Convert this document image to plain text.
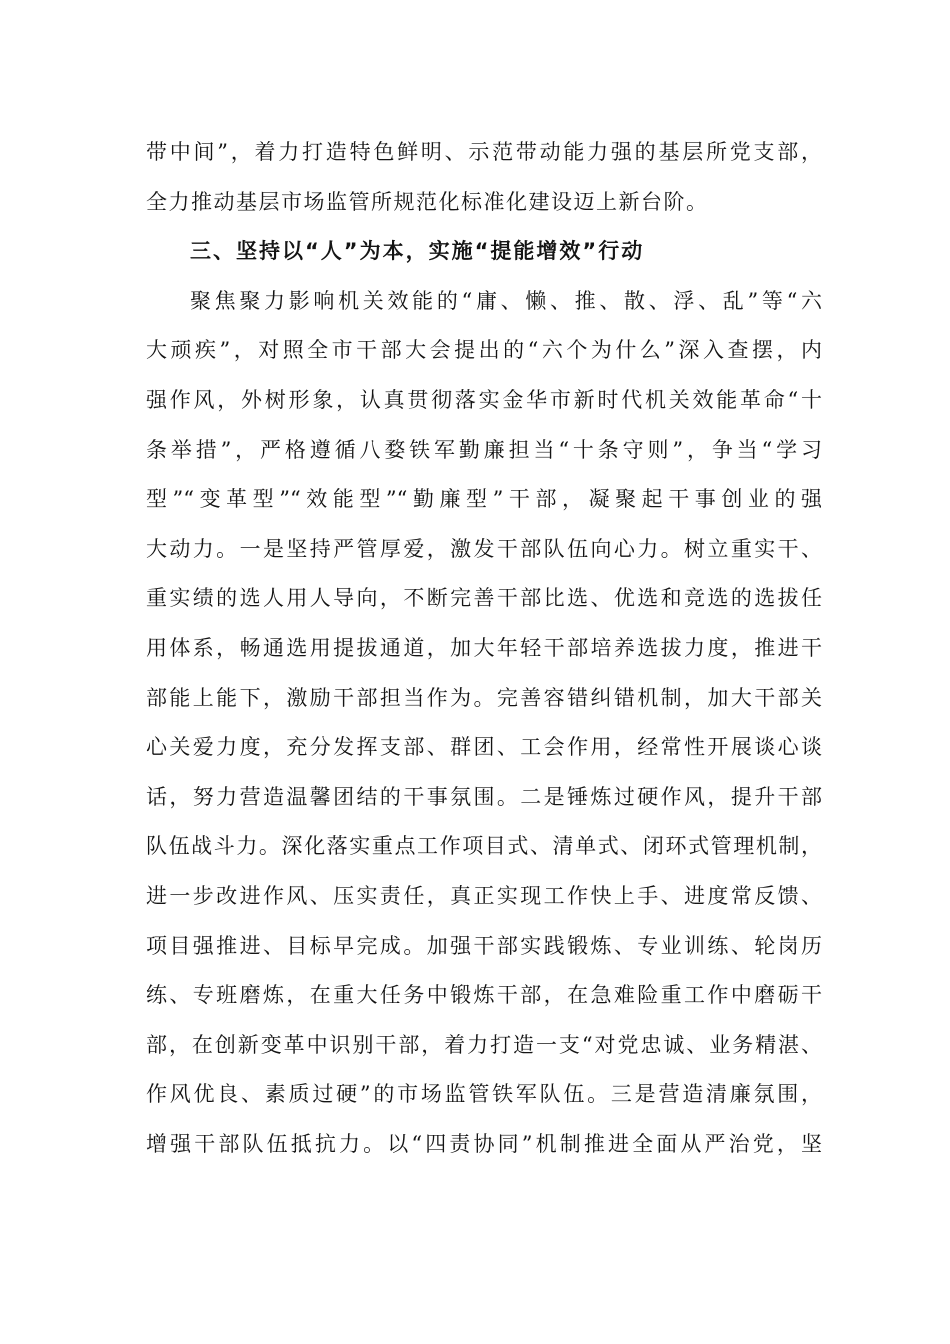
带中间”，着力打造特色鲜明、示范带动能力强的基层所党支部，
全力推动基层市场监管所规范化标准化建设迈上新台阶。
三、坚持以“人”为本，实施“提能增效”行动
聚焦聚力影响机关效能的“庸、懒、推、散、浮、乱”等“六
大顽疾”，对照全市干部大会提出的“六个为什么”深入查摆，内
强作风，外树形象，认真贯彻落实金华市新时代机关效能革命“十
条举措”，严格遵循八婺铁军勤廉担当“十条守则”，争当“学习
型”“变革型”“效能型”“勤廉型”干部，凝聚起干事创业的强
大动力。一是坚持严管厚爱，激发干部队伍向心力。树立重实干、
重实绩的选人用人导向，不断完善干部比选、优选和竞选的选拔任
用体系，畅通选用提拔通道，加大年轻干部培养选拔力度，推进干
部能上能下，激励干部担当作为。完善容错纠错机制，加大干部关
心关爱力度，充分发挥支部、群团、工会作用，经常性开展谈心谈
话，努力营造温馨团结的干事氛围。二是锤炼过硬作风，提升干部
队伍战斗力。深化落实重点工作项目式、清单式、闭环式管理机制，
进一步改进作风、压实责任，真正实现工作快上手、进度常反馈、
项目强推进、目标早完成。加强干部实践锻炼、专业训练、轮岗历
练、专班磨炼，在重大任务中锻炼干部，在急难险重工作中磨砺干
部，在创新变革中识别干部，着力打造一支“对党忠诚、业务精湛、
作风优良、素质过硬”的市场监管铁军队伍。三是营造清廉氛围，
增强干部队伍抵抗力。以“四责协同”机制推进全面从严治党，坚
